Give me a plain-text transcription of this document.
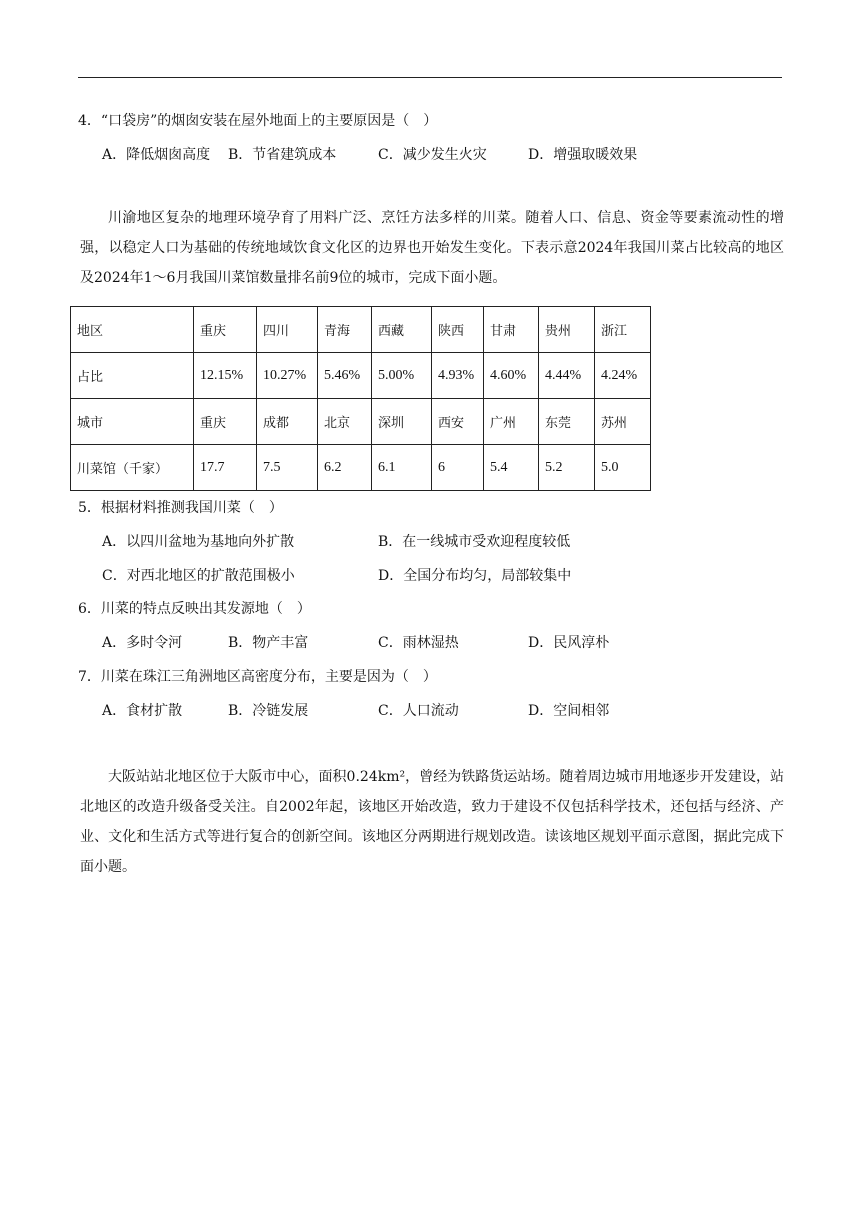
4．“口袋房”的烟囱安装在屋外地面上的主要原因是（　）
A．降低烟囱高度 B．节省建筑成本	C．减少发生火灾	D．增强取暖效果
川渝地区复杂的地理环境孕育了用料广泛、烹饪方法多样的川菜。随着人口、信息、资金等要素流动性的增强，以稳定人口为基础的传统地域饮食文化区的边界也开始发生变化。下表示意2024年我国川菜占比较高的地区及2024年1～6月我国川菜馆数量排名前9位的城市，完成下面小题。
地区	重庆	四川	青海	西藏	陕西	甘肃	贵州	浙江
占比	12.15%	10.27%	5.46%	5.00%	4.93%	4.60%	4.44%	4.24%
城市	重庆	成都	北京	深圳	西安	广州	东莞	苏州
川菜馆（千家）	17.7	7.5	6.2	6.1	6	5.4	5.2	5.0
5．根据材料推测我国川菜（　）
A．以四川盆地为基地向外扩散	B．在一线城市受欢迎程度较低
C．对西北地区的扩散范围极小	D．全国分布均匀，局部较集中
6．川菜的特点反映出其发源地（　）
A．多时令河	B．物产丰富	C．雨林湿热	D．民风淳朴
7．川菜在珠江三角洲地区高密度分布，主要是因为（　）
A．食材扩散	B．冷链发展	C．人口流动	D．空间相邻
大阪站站北地区位于大阪市中心，面积0.24km²，曾经为铁路货运站场。随着周边城市用地逐步开发建设，站北地区的改造升级备受关注。自2002年起，该地区开始改造，致力于建设不仅包括科学技术，还包括与经济、产业、文化和生活方式等进行复合的创新空间。该地区分两期进行规划改造。读该地区规划平面示意图，据此完成下面小题。
